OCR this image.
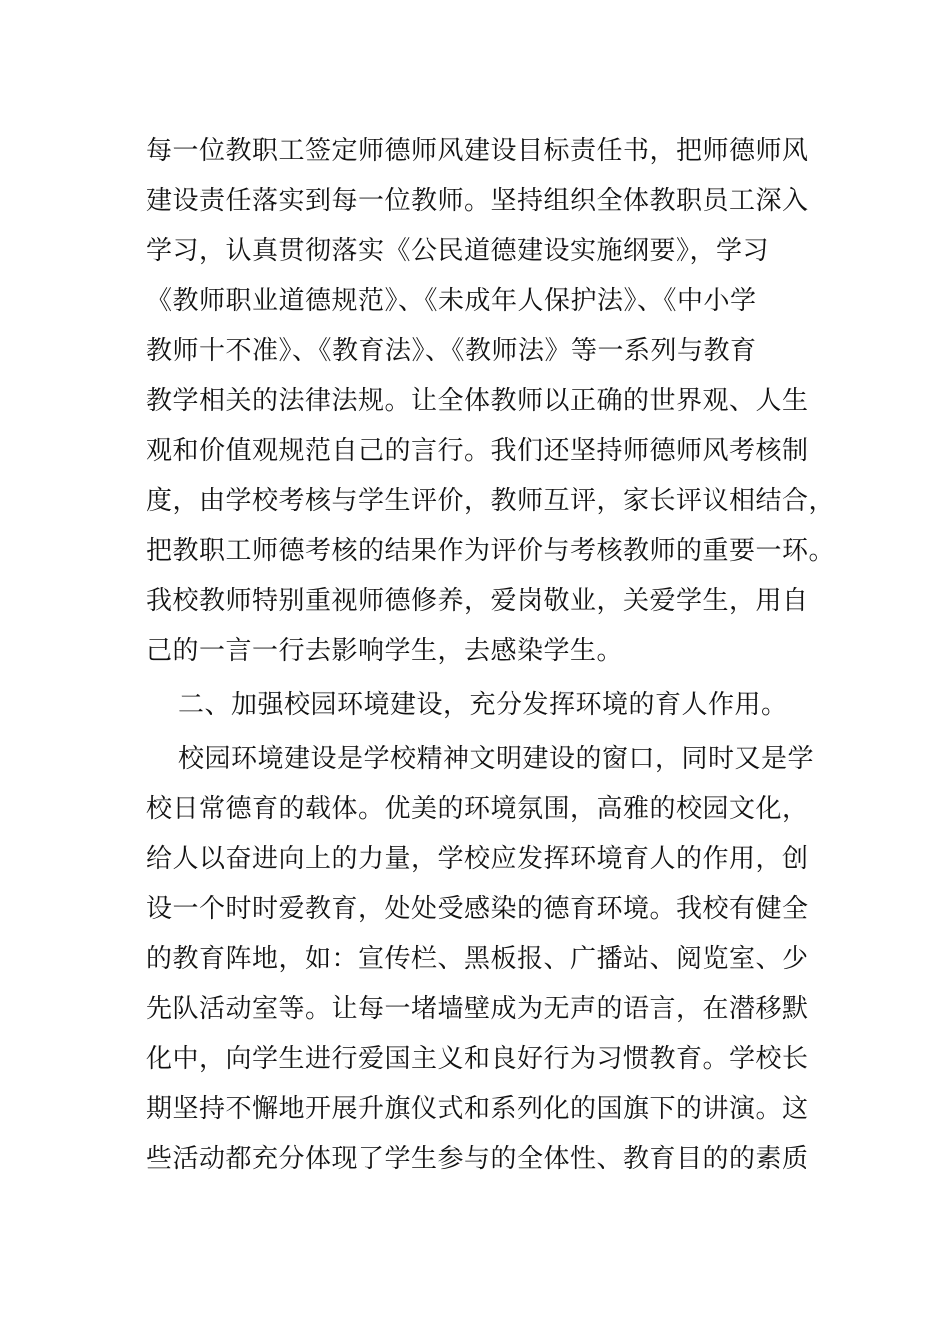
每一位教职工签定师德师风建设目标责任书，把师德师风

建设责任落实到每一位教师。坚持组织全体教职员工深入

学习，认真贯彻落实《公民道德建设实施纲要》，学习

《教师职业道德规范》、《未成年人保护法》、《中小学

教师十不准》、《教育法》、《教师法》等一系列与教育

教学相关的法律法规。让全体教师以正确的世界观、人生

观和价值观规范自己的言行。我们还坚持师德师风考核制

度，由学校考核与学生评价，教师互评，家长评议相结合，

把教职工师德考核的结果作为评价与考核教师的重要一环。

我校教师特别重视师德修养，爱岗敬业，关爱学生，用自

己的一言一行去影响学生，去感染学生。

二、加强校园环境建设，充分发挥环境的育人作用。

校园环境建设是学校精神文明建设的窗口，同时又是学

校日常德育的载体。优美的环境氛围，高雅的校园文化，

给人以奋进向上的力量，学校应发挥环境育人的作用，创

设一个时时爱教育，处处受感染的德育环境。我校有健全

的教育阵地，如：宣传栏、黑板报、广播站、阅览室、少

先队活动室等。让每一堵墙壁成为无声的语言，在潜移默

化中，向学生进行爱国主义和良好行为习惯教育。学校长

期坚持不懈地开展升旗仪式和系列化的国旗下的讲演。这

些活动都充分体现了学生参与的全体性、教育目的的素质
